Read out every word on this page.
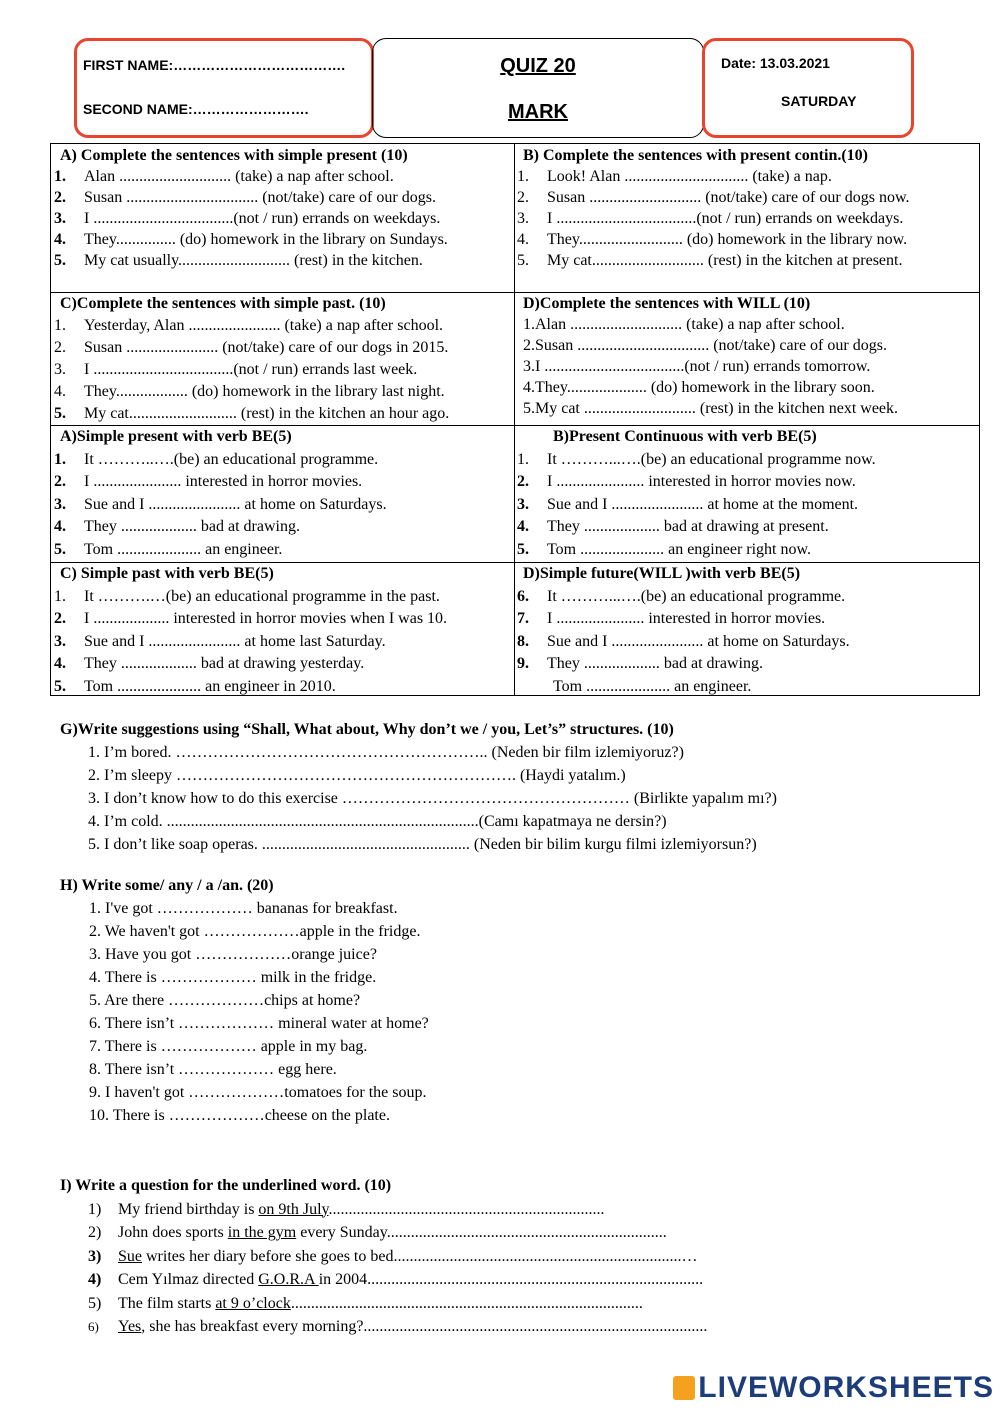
FIRST NAME:……………………………….
SECOND NAME:…………………….
QUIZ 20
MARK
Date: 13.03.2021
SATURDAY
A) Complete the sentences with simple present (10)
1. Alan ............................ (take) a nap after school.
2. Susan ................................. (not/take) care of our dogs.
3. I ...................................(not / run) errands on weekdays.
4. They............... (do) homework in the library on Sundays.
5. My cat usually............................ (rest) in the kitchen.
B) Complete the sentences with present contin.(10)
1. Look! Alan ............................... (take) a nap.
2. Susan ............................ (not/take) care of our dogs now.
3. I ...................................(not / run) errands on weekdays.
4. They.......................... (do) homework in the library now.
5. My cat............................ (rest) in the kitchen at present.
C)Complete the sentences with simple past. (10)
1. Yesterday, Alan ....................... (take) a nap after school.
2. Susan ....................... (not/take) care of our dogs in 2015.
3. I ...................................(not / run) errands last week.
4. They.................. (do) homework in the library last night.
5. My cat........................... (rest) in the kitchen an hour ago.
D)Complete the sentences with WILL (10)
1.Alan ............................ (take) a nap after school.
2.Susan ................................. (not/take) care of our dogs.
3.I ...................................(not / run) errands tomorrow.
4.They.................... (do) homework in the library soon.
5.My cat ............................ (rest) in the kitchen next week.
A)Simple present with verb BE(5)
1. It ………..….(be) an educational programme.
2. I ...................... interested in horror movies.
3. Sue and I ....................... at home on Saturdays.
4. They ................... bad at drawing.
5. Tom ..................... an engineer.
B)Present Continuous with verb BE(5)
1. It ………...….(be) an educational programme now.
2. I ...................... interested in horror movies now.
3. Sue and I ....................... at home at the moment.
4. They ................... bad at drawing at present.
5. Tom ..................... an engineer right now.
C) Simple past with verb BE(5)
1. It ……….…(be) an educational programme in the past.
2. I ................... interested in horror movies when I was 10.
3. Sue and I ....................... at home last Saturday.
4. They ................... bad at drawing yesterday.
5. Tom ..................... an engineer in 2010.
D)Simple future(WILL )with verb BE(5)
6. It ………...….(be) an educational programme.
7. I ...................... interested in horror movies.
8. Sue and I ....................... at home on Saturdays.
9. They ................... bad at drawing.
Tom ..................... an engineer.
G)Write suggestions using “Shall, What about, Why don’t we / you, Let’s” structures. (10)
1. I’m bored. ………………………………………………….. (Neden bir film izlemiyoruz?)
2. I’m sleepy ………………………………………………………. (Haydi yatalım.)
3. I don’t know how to do this exercise ……………………………………………… (Birlikte yapalım mı?)
4. I’m cold. ..............................................................................(Camı kapatmaya ne dersin?)
5. I don’t like soap operas. .................................................... (Neden bir bilim kurgu filmi izlemiyorsun?)
H) Write some/ any / a /an. (20)
1. I've got ……………… bananas for breakfast.
2. We haven't got ………………apple in the fridge.
3. Have you got ………………orange juice?
4. There is ……………… milk in the fridge.
5. Are there ………………chips at home?
6. There isn’t ……………… mineral water at home?
7. There is ……………… apple in my bag.
8. There isn’t ……………… egg here.
9. I haven't got ………………tomatoes for the soup.
10. There is ………………cheese on the plate.
I) Write a question for the underlined word. (10)
1) My friend birthday is on 9th July.....................................................................
2) John does sports in the gym every Sunday......................................................................
3) Sue writes her diary before she goes to bed........................................................................…
4) Cem Yılmaz directed G.O.R.A in 2004....................................................................................
5) The film starts at 9 o’clock........................................................................................
6) Yes, she has breakfast every morning?......................................................................................
LIVEWORKSHEETS
